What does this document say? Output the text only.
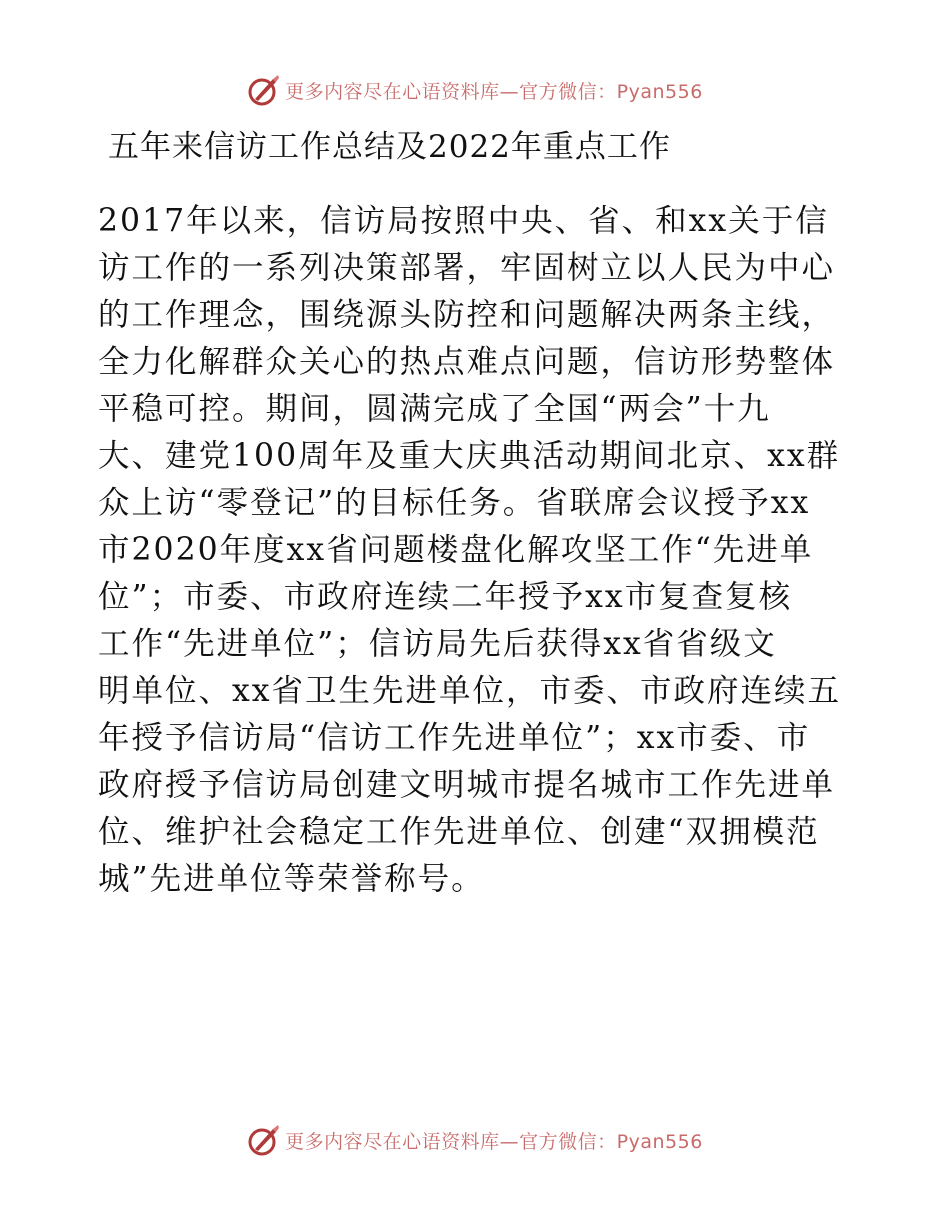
更多内容尽在心语资料库—官方微信：Pyan556
五年来信访工作总结及2022年重点工作
2017年以来，信访局按照中央、省、和xx关于信
访工作的一系列决策部署，牢固树立以人民为中心
的工作理念，围绕源头防控和问题解决两条主线，
全力化解群众关心的热点难点问题，信访形势整体
平稳可控。期间，圆满完成了全国“两会”十九
大、建党100周年及重大庆典活动期间北京、xx群
众上访“零登记”的目标任务。省联席会议授予xx
市2020年度xx省问题楼盘化解攻坚工作“先进单
位”；市委、市政府连续二年授予xx市复查复核
工作“先进单位”；信访局先后获得xx省省级文
明单位、xx省卫生先进单位，市委、市政府连续五
年授予信访局“信访工作先进单位”；xx市委、市
政府授予信访局创建文明城市提名城市工作先进单
位、维护社会稳定工作先进单位、创建“双拥模范
城”先进单位等荣誉称号。
更多内容尽在心语资料库—官方微信：Pyan556
